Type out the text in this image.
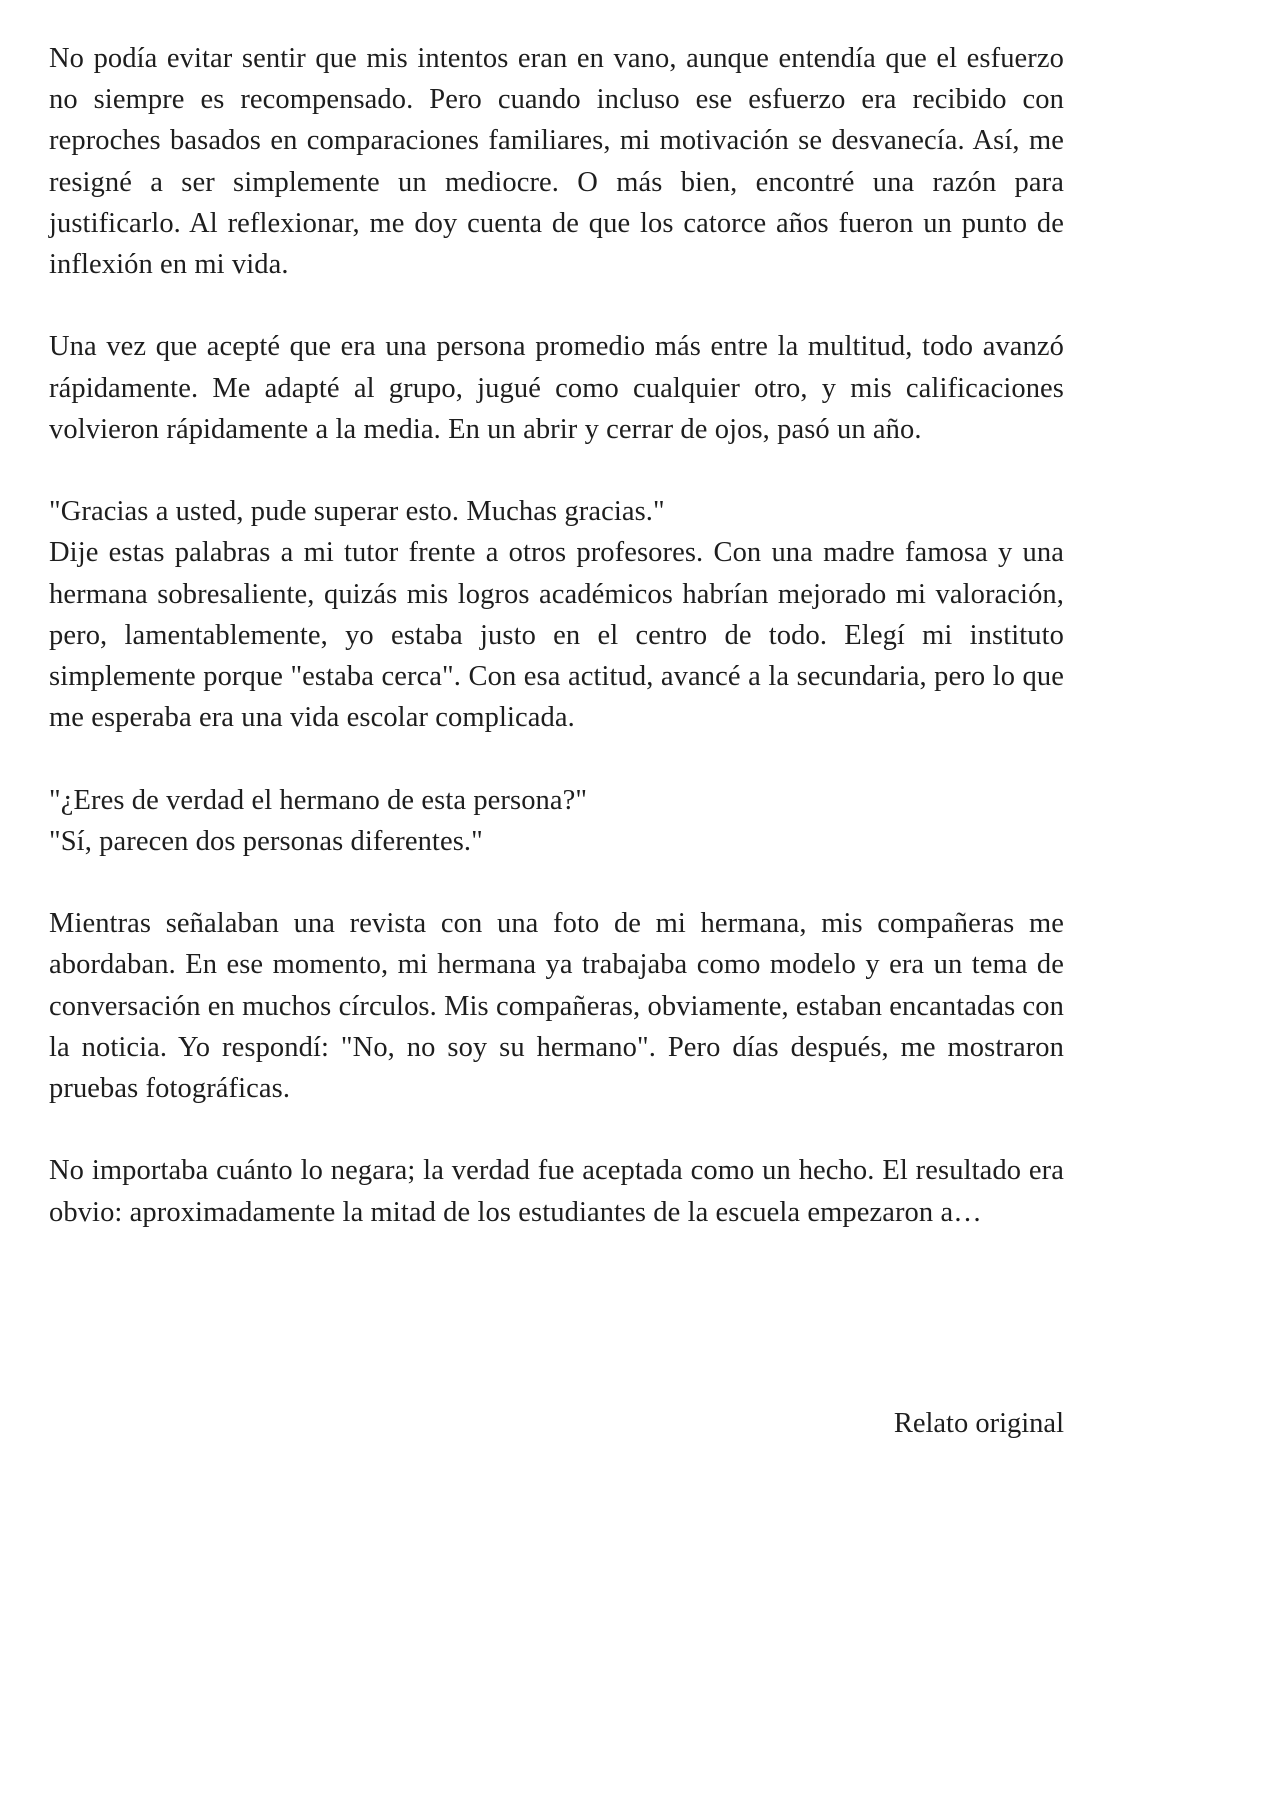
No podía evitar sentir que mis intentos eran en vano, aunque entendía que el esfuerzo no siempre es recompensado. Pero cuando incluso ese esfuerzo era recibido con reproches basados en comparaciones familiares, mi motivación se desvanecía. Así, me resigné a ser simplemente un mediocre. O más bien, encontré una razón para justificarlo. Al reflexionar, me doy cuenta de que los catorce años fueron un punto de inflexión en mi vida.

Una vez que acepté que era una persona promedio más entre la multitud, todo avanzó rápidamente. Me adapté al grupo, jugué como cualquier otro, y mis calificaciones volvieron rápidamente a la media. En un abrir y cerrar de ojos, pasó un año.

"Gracias a usted, pude superar esto. Muchas gracias."
Dije estas palabras a mi tutor frente a otros profesores. Con una madre famosa y una hermana sobresaliente, quizás mis logros académicos habrían mejorado mi valoración, pero, lamentablemente, yo estaba justo en el centro de todo. Elegí mi instituto simplemente porque "estaba cerca". Con esa actitud, avancé a la secundaria, pero lo que me esperaba era una vida escolar complicada.

"¿Eres de verdad el hermano de esta persona?"
"Sí, parecen dos personas diferentes."

Mientras señalaban una revista con una foto de mi hermana, mis compañeras me abordaban. En ese momento, mi hermana ya trabajaba como modelo y era un tema de conversación en muchos círculos. Mis compañeras, obviamente, estaban encantadas con la noticia. Yo respondí: "No, no soy su hermano". Pero días después, me mostraron pruebas fotográficas.

No importaba cuánto lo negara; la verdad fue aceptada como un hecho. El resultado era obvio: aproximadamente la mitad de los estudiantes de la escuela empezaron a…

Relato original
